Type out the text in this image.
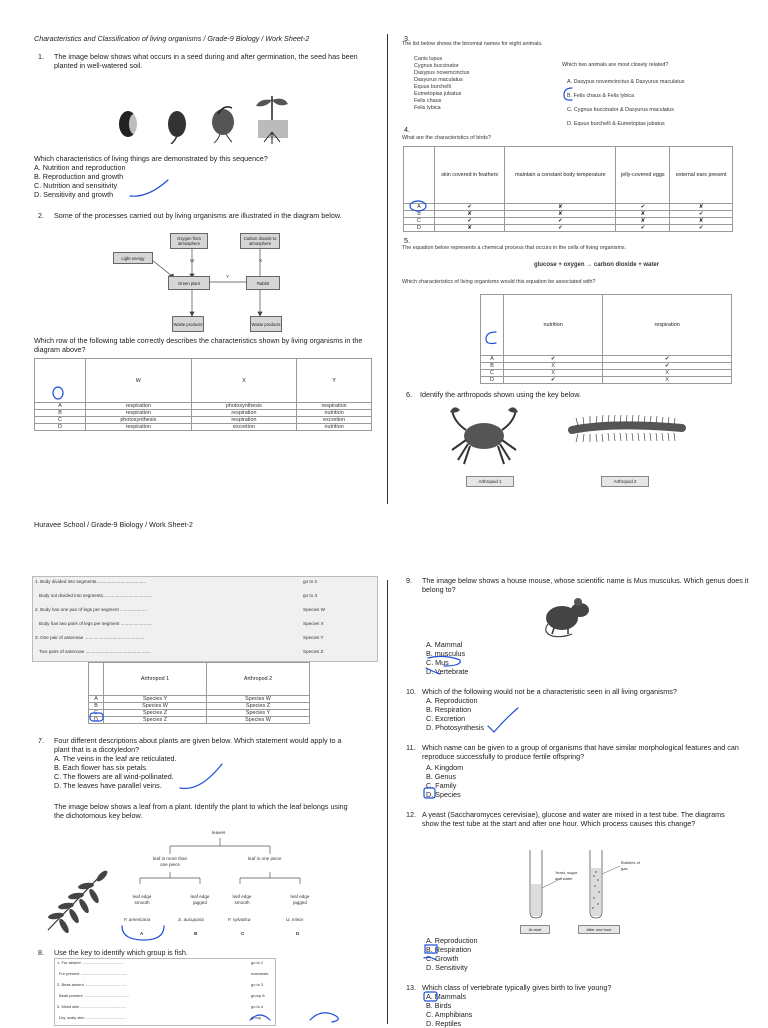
Characteristics and Classification of living organisms / Grade-9 Biology / Work Sheet-2
1. The image below shows what occurs in a seed during and after germination, the seed has been planted in well-watered soil.
Which characteristics of living things are demonstrated by this sequence?
A. Nutrition and reproduction
B. Reproduction and growth
C. Nutrition and sensitivity
D. Sensitivity and growth
2. Some of the processes carried out by living organisms are illustrated in the diagram below.
Oxygen from atmosphere
Carbon dioxide to atmosphere
Light energy
Green plant	Rabbit
Waste products	Waste products
W	X
Y
Which row of the following table correctly describes the characteristics shown by living organisms in the diagram above?
	W	X	Y
A	respiration	photosynthesis	respiration
B	respiration	respiration	nutrition
C	photosynthesis	respiration	excretion
D	respiration	excretion	nutrition
Huravee School / Grade-9 Biology / Work Sheet-2
3.
The list below shows the binomial names for eight animals.
Canis lupus
Cygnus buccinator
Dasypus novemcinctus
Dasyurus maculatus
Equus burchelli
Eumetopias jubatus
Felis chaus
Felis lybica
Which two animals are most closely related?
A. Dasypus novemcinctus & Dasyurus maculatus
B. Felis chaus & Felis lybica
C. Cygnus buccinator & Dasyurus maculatus
D. Equus burchelli & Eumetopias jubatus
4.
What are the characteristics of birds?
	skin covered in feathers	maintain a constant body temperature	jelly-covered eggs	external ears present
A	✔	✘	✔	✘
B	✘	✘	✘	✔
C	✔	✔	✘	✘
D	✘	✔	✔	✔
5.
The equation below represents a chemical process that occurs in the cells of living organisms.
glucose + oxygen → carbon dioxide + water
Which characteristics of living organisms would this equation be associated with?
	nutrition	respiration
A	✔	✔
B	X	✔
C	X	X
D	✔	X
6. Identify the arthropods shown using the key below.
Arthropod 1	Arthropod 2
1. Body divided into segments.......................................	go to 2
Body not divided into segments.......................................	go to 3
2. Body has one pair of legs per segment .....................	Species W
Body has two pairs of legs per segment .........................	Species X
3. One pair of antennae ...............................................	Species Y
Two pairs of antennae ...................................................	Species Z
	Arthropod 1	Arthropod 2
A	Species Y	Species W
B	Species W	Species Z
C	Species Z	Species Y
D	Species Z	Species W
7. Four different descriptions about plants are given below. Which statement would apply to a plant that is a dicotyledon?
A. The veins in the leaf are reticulated.
B. Each flower has six petals.
C. The flowers are all wind-pollinated.
D. The leaves have parallel veins.
The image below shows a leaf from a plant. Identify the plant to which the leaf belongs using the dichotomous key below.
leaves
leaf in more than one piece
leaf in one piece
leaf edge smooth
leaf edge jagged
leaf edge smooth
leaf edge jagged
F. americana	S. aucuparia	F. sylvatica	U. minor
A	B	C	D
8. Use the key to identify which group is fish.
1. Fur absent ......................................	go to 2
Fur present ..........................................	mammals
2. Beak absent ......................................	go to 3
Beak present .........................................	group A
3. Moist skin .........................................	go to 4
Dry, scaly skin .....................................	group
9. The image below shows a house mouse, whose scientific name is Mus musculus. Which genus does it belong to?
A. Mammal
B. musculus
C. Mus
D. Vertebrate
10. Which of the following would not be a characteristic seen in all living organisms?
A. Reproduction
B. Respiration
C. Excretion
D. Photosynthesis
11. Which name can be given to a group of organisms that have similar morphological features and can reproduce successfully to produce fertile offspring?
A. Kingdom
B. Genus
C. Family
D. Species
12. A yeast (Saccharomyces cerevisiae), glucose and water are mixed in a test tube. The diagrams show the test tube at the start and after one hour. Which process causes this change?
Yeast, sugar and water
Bubbles of gas
At start	After one hour
A. Reproduction
B. Respiration
C. Growth
D. Sensitivity
13. Which class of vertebrate typically gives birth to live young?
A. Mammals
B. Birds
C. Amphibians
D. Reptiles
